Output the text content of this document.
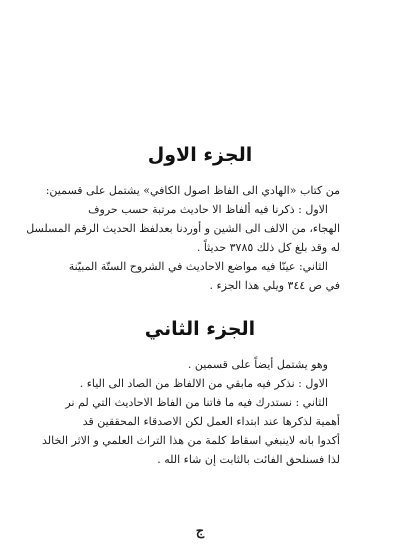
الجزء الاول
من كتاب «الهادي الى الفاظ اصول الكافي» يشتمل على قسمين:
الاول : ذكرنا فيه ألفاظ الا حاديث مرتبة حسب حروف
الهجاء، من الالف الى الشين و أوردنا بعدلفظ الحديث الرقم المسلسل
له وقد بلغ كل ذلك ٣٧٨٥ حديثاً .
الثاني: عينّا فيه مواضع الاحاديث في الشروح الستّة المبيّنة
في ص ٣٤٤ ويلي هذا الجزء .
الجزء الثاني
وهو يشتمل أيضاً على قسمين .
الاول : نذكر فيه مابقي من الالفاظ من الصاد الى الياء .
الثاني : نستدرك فيه ما فاتنا من الفاظ الاحاديث التي لم نر
أهمية لذكرها عند ابتداء العمل لكن الاصدقاء المحققين قد
أكدوا بانه لاينبغي اسقاط كلمة من هذا التراث العلمي و الاثر الخالد
لذا فسنلحق الفائت بالثابت إن شاء الله .
ج
